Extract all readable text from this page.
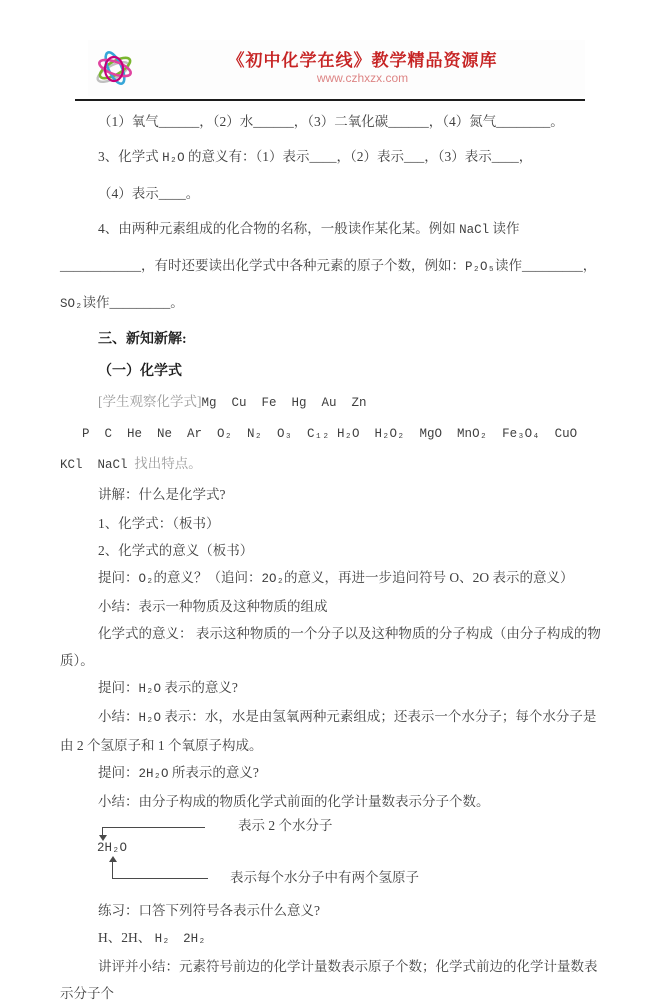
《初中化学在线》教学精品资源库
www.czhxzx.com

（1）氧气______，（2）水______，（3）二氧化碳______，（4）氮气________。

3、化学式 H₂O 的意义有：（1）表示____，（2）表示___，（3）表示____，

（4）表示____。

4、由两种元素组成的化合物的名称，一般读作某化某。例如 NaCl 读作____________，有时还要读出化学式中各种元素的原子个数，例如：P₂O₅读作_________，SO₂读作_________。

三、新知新解:

（一）化学式

[学生观察化学式]Mg  Cu  Fe  Hg  Au  Zn

P  C  He  Ne  Ar  O₂  N₂  O₃  C₁₂ H₂O  H₂O₂  MgO  MnO₂  Fe₃O₄  CuO  KCl  NaCl  找出特点。

讲解：什么是化学式?

1、化学式：（板书）

2、化学式的意义（板书）

提问：O₂的意义？（追问：2O₂的意义，再进一步追问符号 O、2O 表示的意义）

小结：表示一种物质及这种物质的组成

化学式的意义： 表示这种物质的一个分子以及这种物质的分子构成（由分子构成的物质）。

提问：H₂O 表示的意义?

小结：H₂O 表示：水，水是由氢氧两种元素组成；还表示一个水分子；每个水分子是由 2 个氢原子和 1 个氧原子构成。

提问：2H₂O 所表示的意义?

小结：由分子构成的物质化学式前面的化学计量数表示分子个数。

表示 2 个水分子
2H₂O
表示每个水分子中有两个氢原子

练习：口答下列符号各表示什么意义?

H、2H、 H₂ 2H₂

讲评并小结：元素符号前边的化学计量数表示原子个数；化学式前边的化学计量数表示分子个
